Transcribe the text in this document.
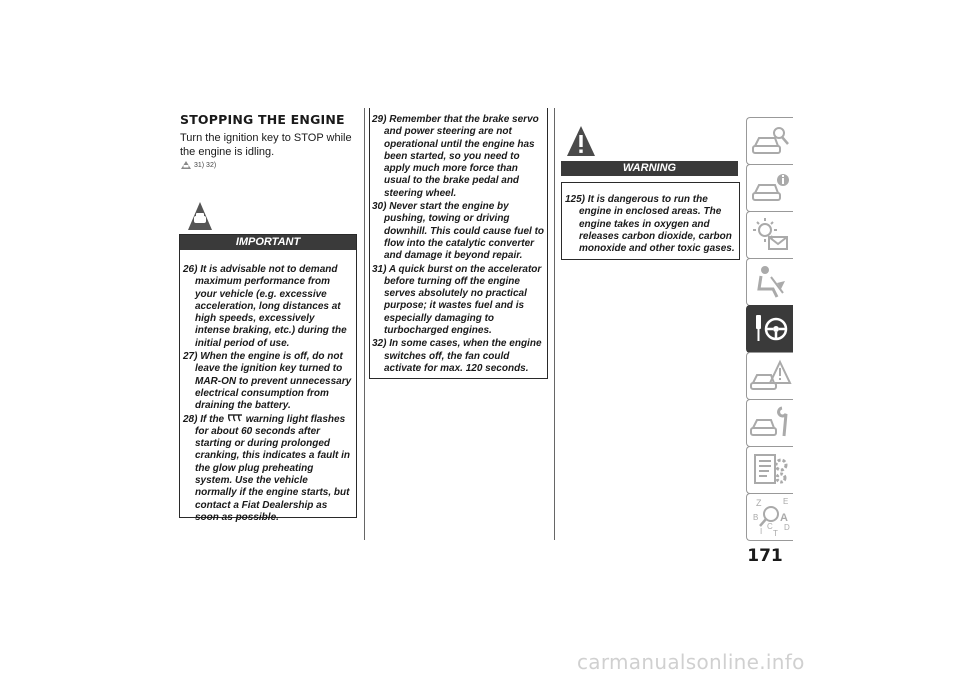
STOPPING THE ENGINE
Turn the ignition key to STOP while the engine is idling.
31) 32)
IMPORTANT
26) It is advisable not to demand maximum performance from your vehicle (e.g. excessive acceleration, long distances at high speeds, excessively intense braking, etc.) during the initial period of use.
27) When the engine is off, do not leave the ignition key turned to MAR-ON to prevent unnecessary electrical consumption from draining the battery.
28) If the warning light flashes for about 60 seconds after starting or during prolonged cranking, this indicates a fault in the glow plug preheating system. Use the vehicle normally if the engine starts, but contact a Fiat Dealership as soon as possible.
29) Remember that the brake servo and power steering are not operational until the engine has been started, so you need to apply much more force than usual to the brake pedal and steering wheel.
30) Never start the engine by pushing, towing or driving downhill. This could cause fuel to flow into the catalytic converter and damage it beyond repair.
31) A quick burst on the accelerator before turning off the engine serves absolutely no practical purpose; it wastes fuel and is especially damaging to turbocharged engines.
32) In some cases, when the engine switches off, the fan could activate for max. 120 seconds.
WARNING
125) It is dangerous to run the engine in enclosed areas. The engine takes in oxygen and releases carbon dioxide, carbon monoxide and other toxic gases.
Z	E
B A
C
I T
D
171
carmanualsonline.info
